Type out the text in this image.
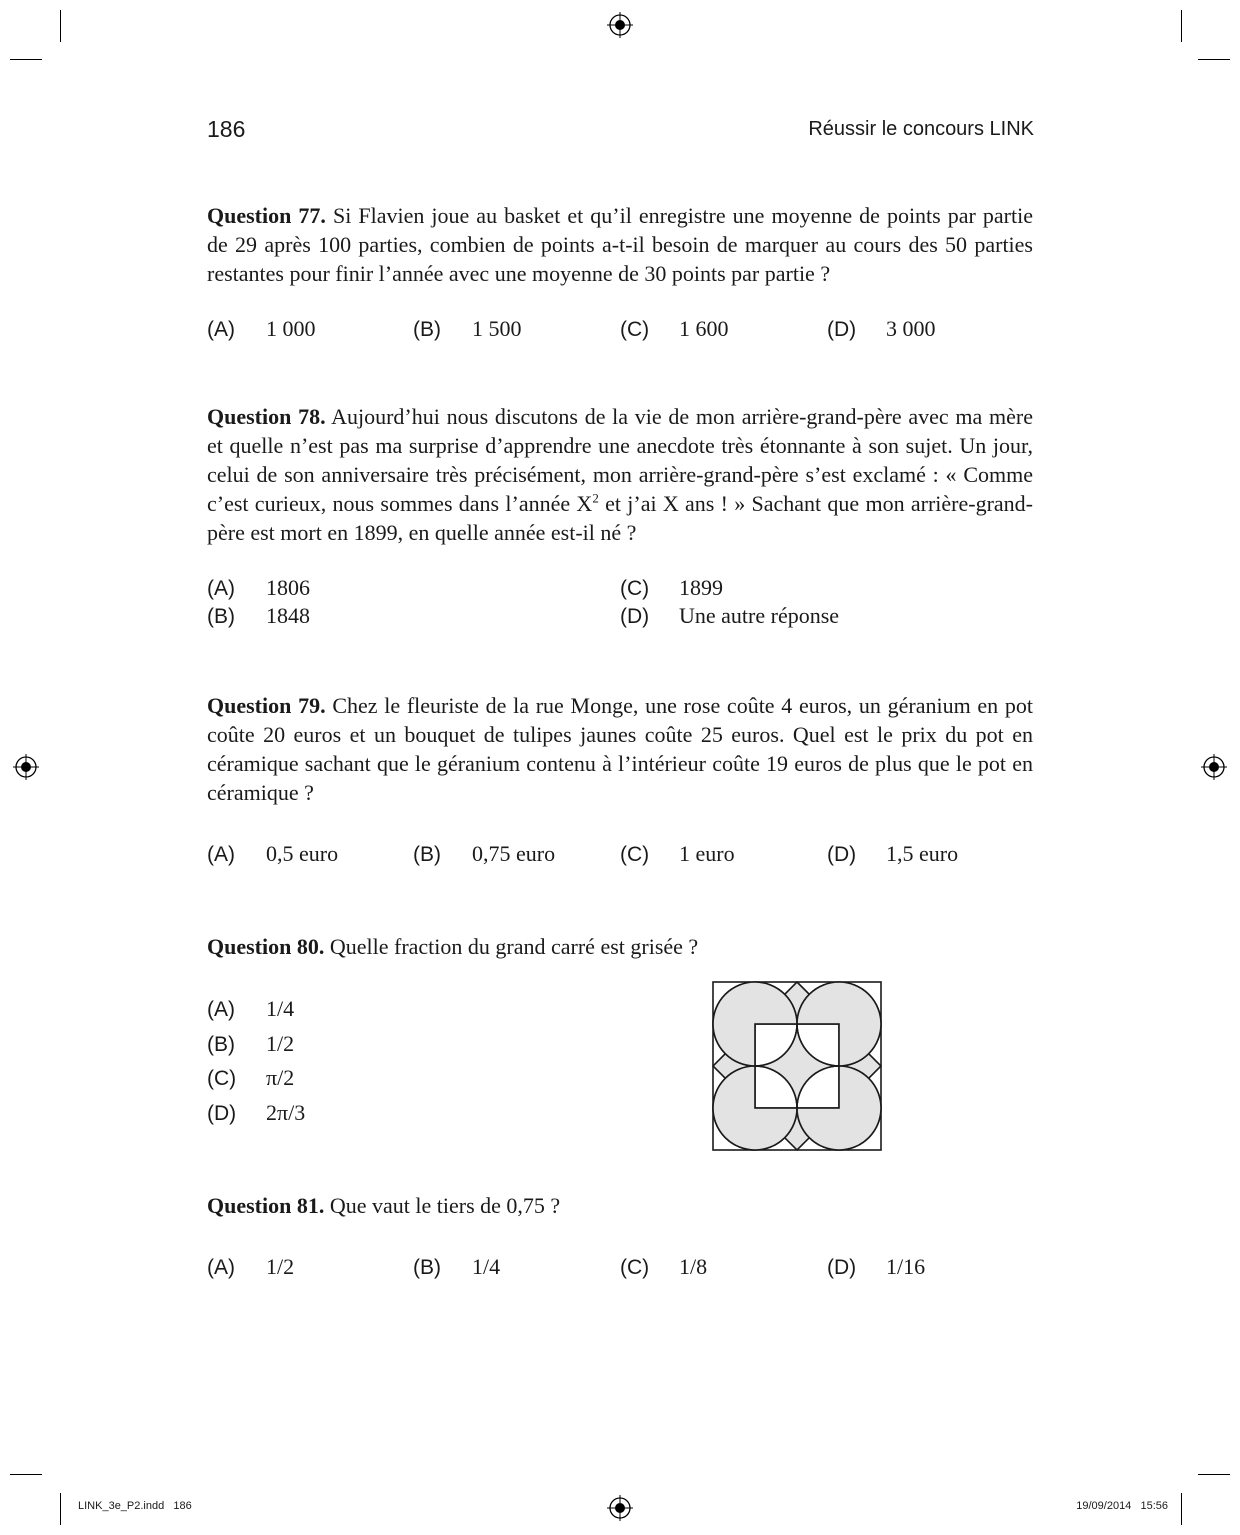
186	Réussir le concours LINK
Question 77. Si Flavien joue au basket et qu’il enregistre une moyenne de points par partie de 29 après 100 parties, combien de points a-t-il besoin de marquer au cours des 50 parties restantes pour finir l’année avec une moyenne de 30 points par partie ?
(A) 1 000	(B) 1 500	(C) 1 600	(D) 3 000
Question 78. Aujourd’hui nous discutons de la vie de mon arrière-grand-père avec ma mère et quelle n’est pas ma surprise d’apprendre une anecdote très étonnante à son sujet. Un jour, celui de son anniversaire très précisément, mon arrière-grand-père s’est exclamé : « Comme c’est curieux, nous sommes dans l’année $X^2$ et j’ai X ans ! » Sachant que mon arrière-grand-père est mort en 1899, en quelle année est-il né ?
(A) 1806
(B) 1848
(C) 1899
(D) Une autre réponse
Question 79. Chez le fleuriste de la rue Monge, une rose coûte 4 euros, un géranium en pot coûte 20 euros et un bouquet de tulipes jaunes coûte 25 euros. Quel est le prix du pot en céramique sachant que le géranium contenu à l’intérieur coûte 19 euros de plus que le pot en céramique ?
(A) 0,5 euro	(B) 0,75 euro	(C) 1 euro	(D) 1,5 euro
Question 80. Quelle fraction du grand carré est grisée ?
(A) 1/4
(B) 1/2
(C) π/2
(D) 2π/3
Question 81. Que vaut le tiers de 0,75 ?
(A) 1/2	(B) 1/4	(C) 1/8	(D) 1/16
LINK_3e_P2.indd   186	19/09/2014   15:56
